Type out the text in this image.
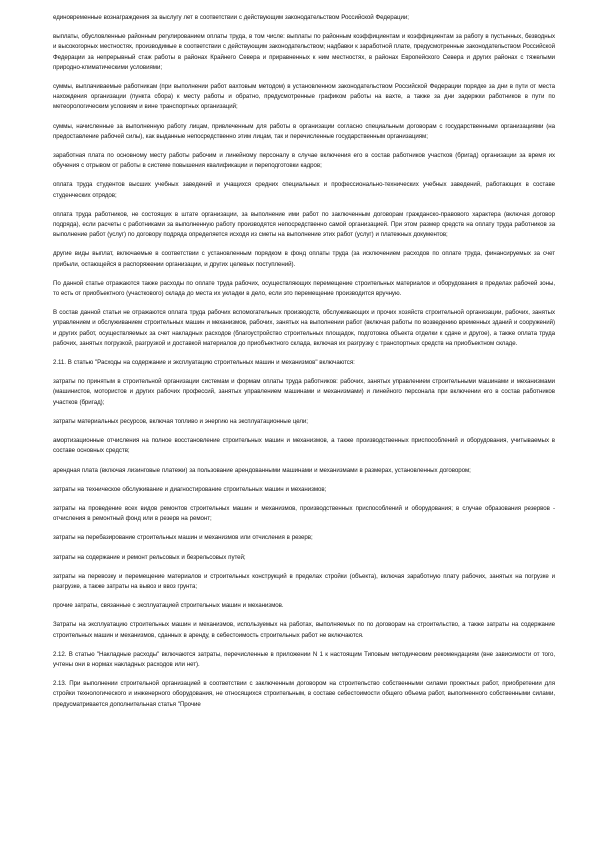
единовременные вознаграждения за выслугу лет в соответствии с действующим законодательством Российской Федерации;

выплаты, обусловленные районным регулированием оплаты труда, в том числе: выплаты по районным коэффициентам и коэффициентам за работу в пустынных, безводных и высокогорных местностях, производимые в соответствии с действующим законодательством; надбавки к заработной плате, предусмотренные законодательством Российской Федерации за непрерывный стаж работы в районах Крайнего Севера и приравненных к ним местностях, в районах Европейского Севера и других районах с тяжелыми природно-климатическими условиями;

суммы, выплачиваемые работникам (при выполнении работ вахтовым методом) в установленном законодательством Российской Федерации порядке за дни в пути от места нахождения организации (пункта сбора) к месту работы и обратно, предусмотренные графиком работы на вахте, а также за дни задержки работников в пути по метеорологическим условиям и вине транспортных организаций;

суммы, начисленные за выполненную работу лицам, привлеченным для работы в организации согласно специальным договорам с государственными организациями (на предоставление рабочей силы), как выданные непосредственно этим лицам, так и перечисленные государственным организациям;

заработная плата по основному месту работы рабочим и линейному персоналу в случае включения его в состав работников участков (бригад) организации за время их обучения с отрывом от работы в системе повышения квалификации и переподготовки кадров;

оплата труда студентов высших учебных заведений и учащихся средних специальных и профессионально-технических учебных заведений, работающих в составе студенческих отрядов;

оплата труда работников, не состоящих в штате организации, за выполнение ими работ по заключенным договорам гражданско-правового характера (включая договор подряда), если расчеты с работниками за выполненную работу производятся непосредственно самой организацией. При этом размер средств на оплату труда работников за выполнение работ (услуг) по договору подряда определяется исходя из сметы на выполнение этих работ (услуг) и платежных документов;

другие виды выплат, включаемые в соответствии с установленным порядком в фонд оплаты труда (за исключением расходов по оплате труда, финансируемых за счет прибыли, остающейся в распоряжении организации, и других целевых поступлений).

По данной статье отражаются также расходы по оплате труда рабочих, осуществляющих перемещение строительных материалов и оборудования в пределах рабочей зоны, то есть от приобъектного (участкового) склада до места их укладки в дело, если это перемещение производится вручную.

В состав данной статьи не отражаются оплата труда рабочих вспомогательных производств, обслуживающих и прочих хозяйств строительной организации, рабочих, занятых управлением и обслуживанием строительных машин и механизмов, рабочих, занятых на выполнении работ (включая работы по возведению временных зданий и сооружений) и других работ, осуществляемых за счет накладных расходов (благоустройство строительных площадок, подготовка объекта отделки к сдаче и другое), а также оплата труда рабочих, занятых погрузкой, разгрузкой и доставкой материалов до приобъектного склада, включая их разгрузку с транспортных средств на приобъектном складе.

2.11. В статью "Расходы на содержание и эксплуатацию строительных машин и механизмов" включаются:

затраты по принятым в строительной организации системам и формам оплаты труда работников: рабочих, занятых управлением строительными машинами и механизмами (машинистов, мотористов и других рабочих профессий, занятых управлением машинами и механизмами) и линейного персонала при включении его в состав работников участков (бригад);

затраты материальных ресурсов, включая топливо и энергию на эксплуатационные цели;

амортизационные отчисления на полное восстановление строительных машин и механизмов, а также производственных приспособлений и оборудования, учитываемых в составе основных средств;

арендная плата (включая лизинговые платежи) за пользование арендованными машинами и механизмами в размерах, установленных договором;

затраты на техническое обслуживание и диагностирование строительных машин и механизмов;

затраты на проведение всех видов ремонтов строительных машин и механизмов, производственных приспособлений и оборудования; в случае образования резервов - отчисления в ремонтный фонд или в резерв на ремонт;

затраты на перебазирование строительных машин и механизмов или отчисления в резерв;

затраты на содержание и ремонт рельсовых и безрельсовых путей;

затраты на перевозку и перемещение материалов и строительных конструкций в пределах стройки (объекта), включая заработную плату рабочих, занятых на погрузке и разгрузке, а также затраты на вывоз и ввоз грунта;

прочие затраты, связанные с эксплуатацией строительных машин и механизмов.

Затраты на эксплуатацию строительных машин и механизмов, используемых на работах, выполняемых по по договорам на строительство, а также затраты на содержание строительных машин и механизмов, сданных в аренду, в себестоимость строительных работ не включаются.

2.12. В статью "Накладные расходы" включаются затраты, перечисленные в приложении N 1 к настоящим Типовым методическим рекомендациям (вне зависимости от того, учтены они в нормах накладных расходов или нет).

2.13. При выполнении строительной организацией в соответствии с заключенным договором на строительство собственными силами проектных работ, приобретении для стройки технологического и инженерного оборудования, не относящихся строительным, в составе себестоимости общего объема работ, выполненного собственными силами, предусматривается дополнительная статья "Прочие
